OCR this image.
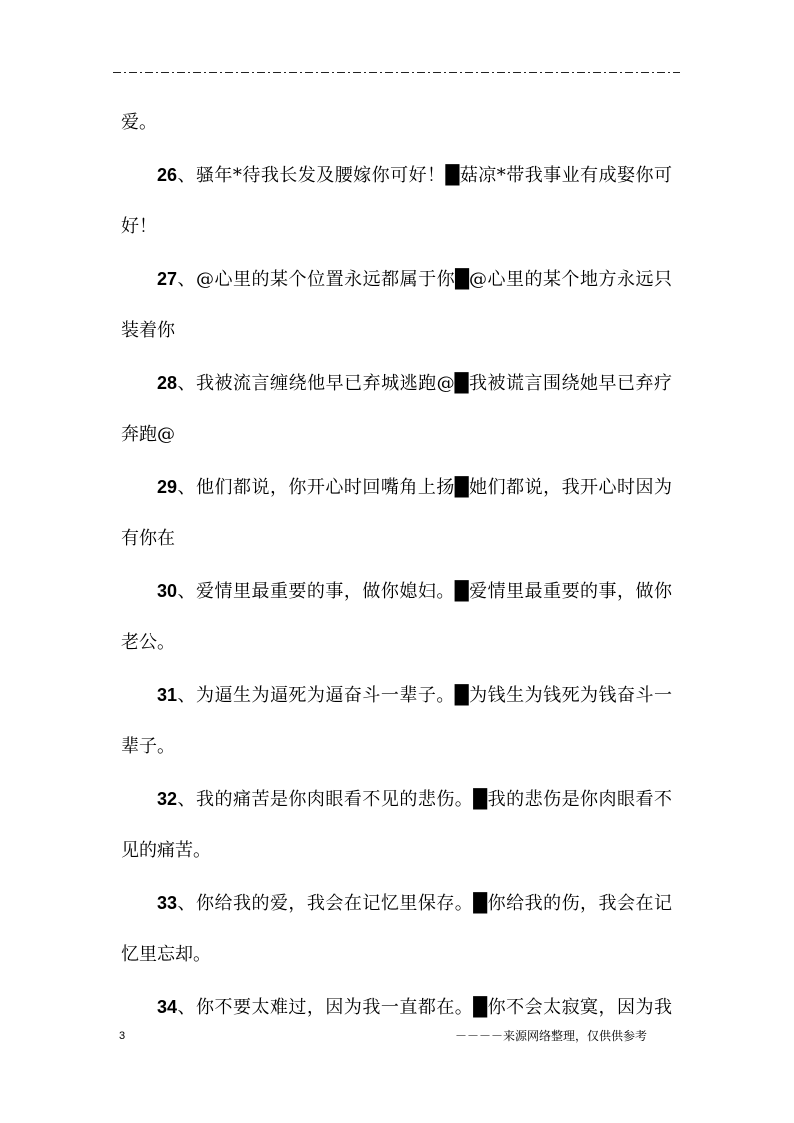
爱。
26、骚年*待我长发及腰嫁你可好！█菇凉*带我事业有成娶你可
好！
27、@心里的某个位置永远都属于你█@心里的某个地方永远只
装着你
28、我被流言缠绕他早已弃城逃跑@█我被谎言围绕她早已弃疗
奔跑@
29、他们都说，你开心时回嘴角上扬█她们都说，我开心时因为
有你在
30、爱情里最重要的事，做你媳妇。█爱情里最重要的事，做你
老公。
31、为逼生为逼死为逼奋斗一辈子。█为钱生为钱死为钱奋斗一
辈子。
32、我的痛苦是你肉眼看不见的悲伤。█我的悲伤是你肉眼看不
见的痛苦。
33、你给我的爱，我会在记忆里保存。█你给我的伤，我会在记
忆里忘却。
34、你不要太难过，因为我一直都在。█你不会太寂寞，因为我
3	－－－－来源网络整理，仅供供参考
